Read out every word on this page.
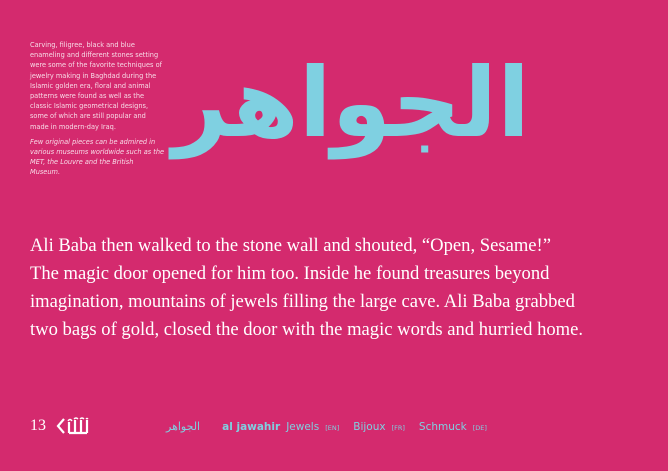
Carving, filigree, black and blue enameling and different stones setting were some of the favorite techniques of jewelry making in Baghdad during the Islamic golden era, floral and animal patterns were found as well as the classic Islamic geometrical designs, some of which are still popular and made in modern-day Iraq.

Few original pieces can be admired in various museums worldwide such as the MET, the Louvre and the British Museum.

الجواهر
Ali Baba then walked to the stone wall and shouted, “Open, Sesame!”
The magic door opened for him too. Inside he found treasures beyond
imagination, mountains of jewels filling the large cave. Ali Baba grabbed
two bags of gold, closed the door with the magic words and hurried home.
13	الجواهر al jawahir Jewels [EN] Bijoux [FR] Schmuck [DE]
